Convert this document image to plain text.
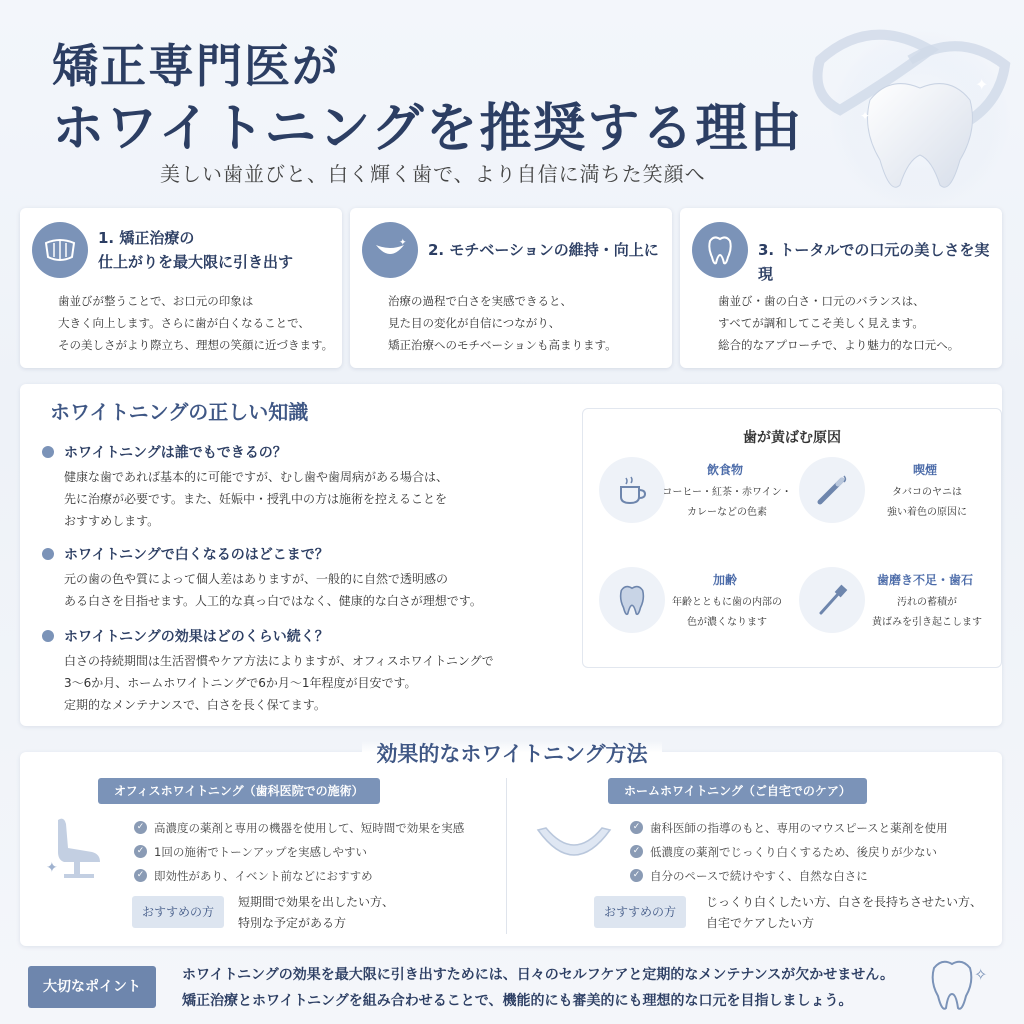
矯正専門医が
ホワイトニングを推奨する理由
美しい歯並びと、白く輝く歯で、より自信に満ちた笑顔へ
✦
✦
1. 矯正治療の
仕上がりを最大限に引き出す
歯並びが整うことで、お口元の印象は
大きく向上します。さらに歯が白くなることで、
その美しさがより際立ち、理想の笑顔に近づきます。
✦ 2. モチベーションの維持・向上に
治療の過程で白さを実感できると、
見た目の変化が自信につながり、
矯正治療へのモチベーションも高まります。
3. トータルでの口元の美しさを実現
歯並び・歯の白さ・口元のバランスは、
すべてが調和してこそ美しく見えます。
総合的なアプローチで、より魅力的な口元へ。
ホワイトニングの正しい知識
ホワイトニングは誰でもできるの？
健康な歯であれば基本的に可能ですが、むし歯や歯周病がある場合は、
先に治療が必要です。また、妊娠中・授乳中の方は施術を控えることを
おすすめします。
ホワイトニングで白くなるのはどこまで？
元の歯の色や質によって個人差はありますが、一般的に自然で透明感の
ある白さを目指せます。人工的な真っ白ではなく、健康的な白さが理想です。
ホワイトニングの効果はどのくらい続く？
白さの持続期間は生活習慣やケア方法によりますが、オフィスホワイトニングで
3〜6か月、ホームホワイトニングで6か月〜1年程度が目安です。
定期的なメンテナンスで、白さを長く保てます。
歯が黄ばむ原因
飲食物
コーヒー・紅茶・赤ワイン・
カレーなどの色素
喫煙
タバコのヤニは
強い着色の原因に
加齢
年齢とともに歯の内部の
色が濃くなります
歯磨き不足・歯石
汚れの蓄積が
黄ばみを引き起こします
効果的なホワイトニング方法
オフィスホワイトニング（歯科医院での施術）
✦
✓ 高濃度の薬剤と専用の機器を使用して、短時間で効果を実感
✓ 1回の施術でトーンアップを実感しやすい
✓ 即効性があり、イベント前などにおすすめ
おすすめの方
短期間で効果を出したい方、
特別な予定がある方
ホームホワイトニング（ご自宅でのケア）
✓ 歯科医師の指導のもと、専用のマウスピースと薬剤を使用
✓ 低濃度の薬剤でじっくり白くするため、後戻りが少ない
✓ 自分のペースで続けやすく、自然な白さに
おすすめの方
じっくり白くしたい方、白さを長持ちさせたい方、
自宅でケアしたい方
大切なポイント
ホワイトニングの効果を最大限に引き出すためには、日々のセルフケアと定期的なメンテナンスが欠かせません。
矯正治療とホワイトニングを組み合わせることで、機能的にも審美的にも理想的な口元を目指しましょう。
✧
